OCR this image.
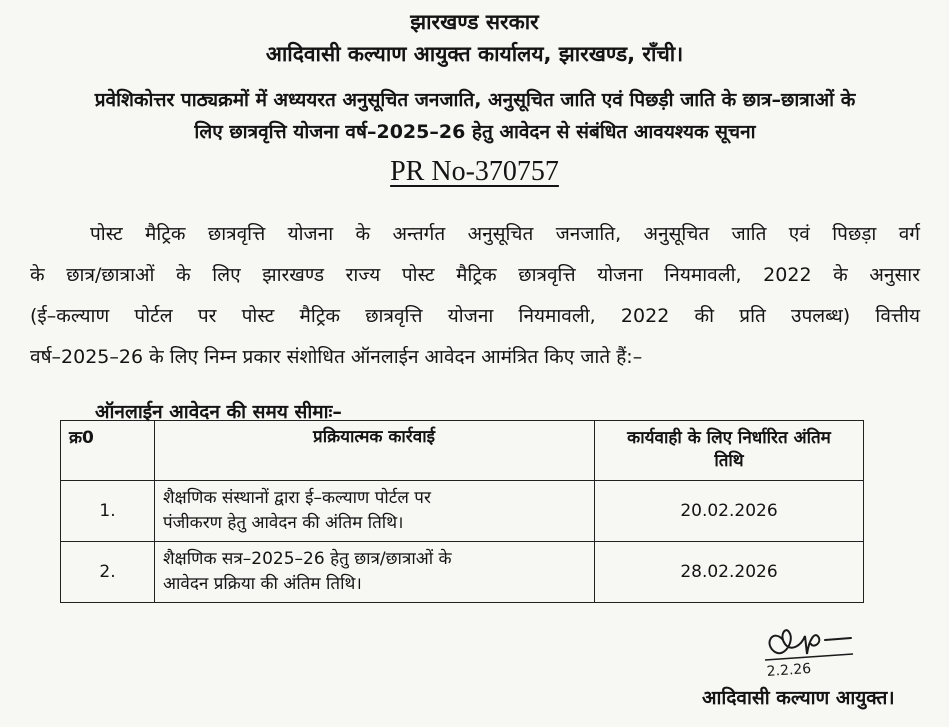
झारखण्ड सरकार
आदिवासी कल्याण आयुक्त कार्यालय, झारखण्ड, राँची।
प्रवेशिकोत्तर पाठ्यक्रमों में अध्ययरत अनुसूचित जनजाति, अनुसूचित जाति एवं पिछड़ी जाति के छात्र–छात्राओं के
लिए छात्रवृत्ति योजना वर्ष–2025–26 हेतु आवेदन से संबंधित आवयश्यक सूचना
PR No-370757
पोस्ट मैट्रिक छात्रवृत्ति योजना के अन्तर्गत अनुसूचित जनजाति, अनुसूचित जाति एवं पिछड़ा वर्ग
के छात्र/छात्राओं के लिए झारखण्ड राज्य पोस्ट मैट्रिक छात्रवृत्ति योजना नियमावली, 2022 के अनुसार
(ई–कल्याण पोर्टल पर पोस्ट मैट्रिक छात्रवृत्ति योजना नियमावली, 2022 की प्रति उपलब्ध) वित्तीय
वर्ष–2025–26 के लिए निम्न प्रकार संशोधित ऑनलाईन आवेदन आमंत्रित किए जाते हैं:–
ऑनलाईन आवेदन की समय सीमाः–
क्र0	प्रक्रियात्मक कार्रवाई	कार्यवाही के लिए निर्धारित अंतिम
तिथि
1.	शैक्षणिक संस्थानों द्वारा ई–कल्याण पोर्टल पर
पंजीकरण हेतु आवेदन की अंतिम तिथि।	20.02.2026
2.	शैक्षणिक सत्र–2025–26 हेतु छात्र/छात्राओं के
आवेदन प्रक्रिया की अंतिम तिथि।	28.02.2026
2.2.26
आदिवासी कल्याण आयुक्त।
